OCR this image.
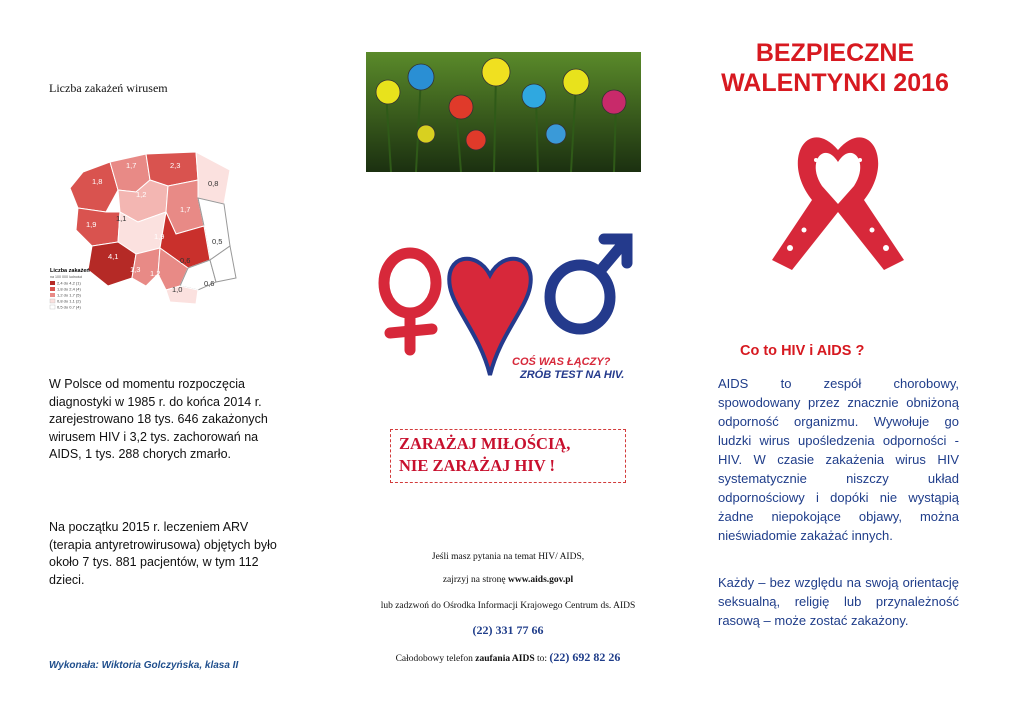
Liczba zakażeń wirusem
1,8
1,7	2,3
0,8
1,2
1,7
1,9
1,1
0,5
1,9
0,6
4,1
1,3 1,2
0,6
1,0
Liczba zakażeń
na 100 000 ludności
2,4 do 4,2 (1)
1,8 do 2,4 (4)
1,2 do 1,7 (5)
0,8 do 1,1 (2)
0,5 do 0,7 (4)
W Polsce od momentu rozpoczęcia diagnostyki w 1985 r. do końca 2014 r. zarejestrowano 18 tys. 646 zakażonych wirusem HIV i 3,2 tys. zachorowań na AIDS, 1 tys. 288 chorych zmarło.
Na początku 2015 r. leczeniem ARV (terapia antyretrowirusowa) objętych było około 7 tys. 881 pacjentów, w tym 112 dzieci.
Wykonała: Wiktoria Golczyńska, klasa II
COŚ WAS ŁĄCZY?
ZRÓB TEST NA HIV.
ZARAŻAJ MIŁOŚCIĄ,
NIE ZARAŻAJ HIV !
Jeśli masz pytania na temat HIV/ AIDS,
zajrzyj na stronę www.aids.gov.pl
lub zadzwoń do Ośrodka Informacji Krajowego Centrum ds. AIDS
(22) 331 77 66
Całodobowy telefon zaufania AIDS to: (22) 692 82 26
BEZPIECZNE
WALENTYNKI 2016
Co to HIV i AIDS ?
AIDS to zespół chorobowy, spowodowany przez znacznie obniżoną odporność organizmu. Wywołuje go ludzki wirus upośledzenia odporności - HIV. W czasie zakażenia wirus HIV systematycznie niszczy układ odpornościowy i dopóki nie wystąpią żadne niepokojące objawy, można nieświadomie zakażać innych.
Każdy – bez względu na swoją orientację seksualną, religię lub przynależność rasową – może zostać zakażony.
